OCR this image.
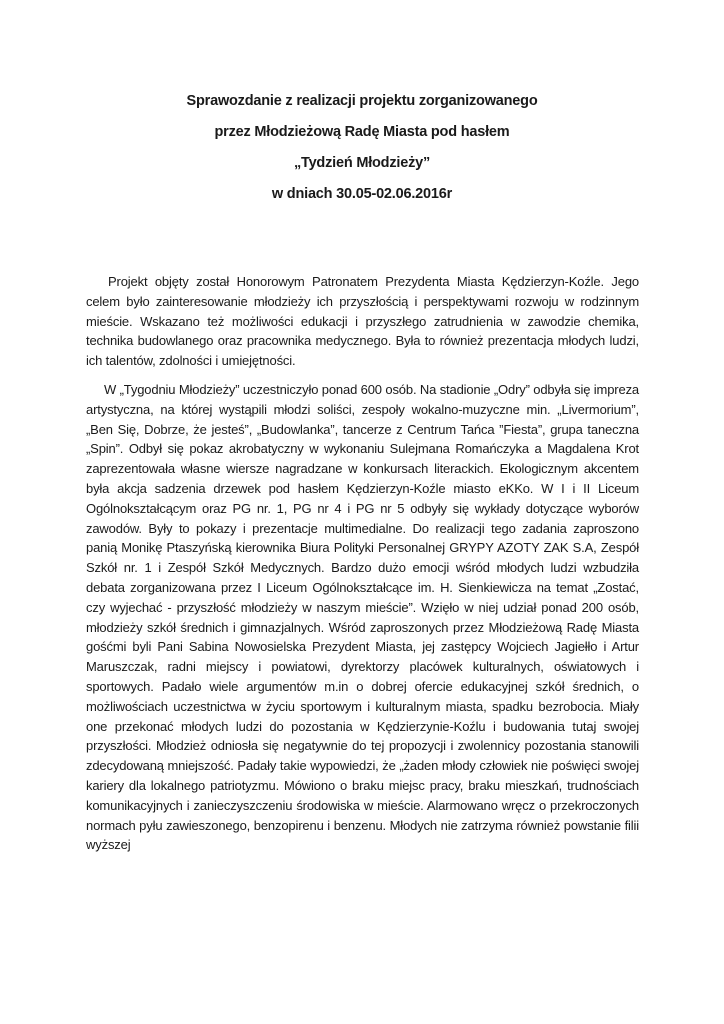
Sprawozdanie z realizacji projektu zorganizowanego

przez Młodzieżową Radę Miasta pod hasłem

„Tydzień Młodzieży”

w dniach 30.05-02.06.2016r

Projekt objęty został Honorowym Patronatem Prezydenta Miasta Kędzierzyn-Koźle. Jego celem było zainteresowanie młodzieży ich przyszłością i perspektywami rozwoju w rodzinnym mieście. Wskazano też możliwości edukacji i przyszłego zatrudnienia w zawodzie chemika, technika budowlanego oraz pracownika medycznego. Była to również prezentacja młodych ludzi, ich talentów, zdolności i umiejętności.

W „Tygodniu Młodzieży” uczestniczyło ponad 600 osób. Na stadionie „Odry” odbyła się impreza artystyczna, na której wystąpili młodzi soliści, zespoły wokalno-muzyczne min. „Livermorium”, „Ben Się, Dobrze, że jesteś”, „Budowlanka”, tancerze z Centrum Tańca ”Fiesta”, grupa taneczna „Spin”. Odbył się pokaz akrobatyczny w wykonaniu Sulejmana Romańczyka a Magdalena Krot zaprezentowała własne wiersze nagradzane w konkursach literackich. Ekologicznym akcentem była akcja sadzenia drzewek pod hasłem Kędzierzyn-Koźle miasto eKKo. W I i II Liceum Ogólnokształcącym oraz PG nr. 1, PG nr 4 i PG nr 5 odbyły się wykłady dotyczące wyborów zawodów. Były to pokazy i prezentacje multimedialne. Do realizacji tego zadania zaproszono panią Monikę Ptaszyńską kierownika Biura Polityki Personalnej GRYPY AZOTY ZAK S.A, Zespół Szkół nr. 1 i Zespół Szkół Medycznych. Bardzo dużo emocji wśród młodych ludzi wzbudziła debata zorganizowana przez I Liceum Ogólnokształcące im. H. Sienkiewicza na temat „Zostać, czy wyjechać - przyszłość młodzieży w naszym mieście”. Wzięło w niej udział ponad 200 osób, młodzieży szkół średnich i gimnazjalnych. Wśród zaproszonych przez Młodzieżową Radę Miasta gośćmi byli Pani Sabina Nowosielska Prezydent Miasta, jej zastępcy Wojciech Jagiełło i Artur Maruszczak, radni miejscy i powiatowi, dyrektorzy placówek kulturalnych, oświatowych i sportowych. Padało wiele argumentów m.in o dobrej ofercie edukacyjnej szkół średnich, o możliwościach uczestnictwa w życiu sportowym i kulturalnym miasta, spadku bezrobocia. Miały one przekonać młodych ludzi do pozostania w Kędzierzynie-Koźlu i budowania tutaj swojej przyszłości. Młodzież odniosła się negatywnie do tej propozycji i zwolennicy pozostania stanowili zdecydowaną mniejszość. Padały takie wypowiedzi, że „żaden młody człowiek nie poświęci swojej kariery dla lokalnego patriotyzmu. Mówiono o braku miejsc pracy, braku mieszkań, trudnościach komunikacyjnych i zanieczyszczeniu środowiska w mieście. Alarmowano wręcz o przekroczonych normach pyłu zawieszonego, benzopirenu i benzenu. Młodych nie zatrzyma również powstanie filii wyższej
